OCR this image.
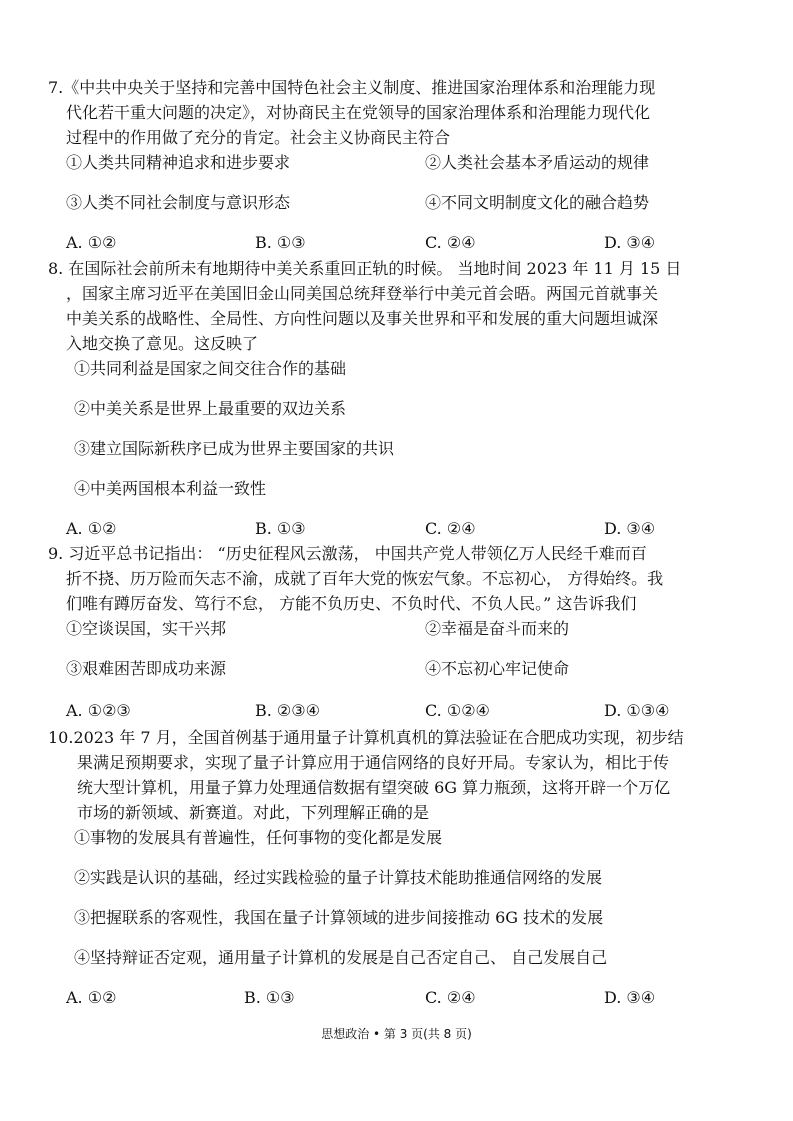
7.《中共中央关于坚持和完善中国特色社会主义制度、推进国家治理体系和治理能力现
代化若干重大问题的决定》，对协商民主在党领导的国家治理体系和治理能力现代化
过程中的作用做了充分的肯定。社会主义协商民主符合
①人类共同精神追求和进步要求	②人类社会基本矛盾运动的规律
③人类不同社会制度与意识形态	④不同文明制度文化的融合趋势
A. ①②	B. ①③	C. ②④	D. ③④
8. 在国际社会前所未有地期待中美关系重回正轨的时候。 当地时间 2023 年 11 月 15 日
，国家主席习近平在美国旧金山同美国总统拜登举行中美元首会晤。两国元首就事关
中美关系的战略性、全局性、方向性问题以及事关世界和平和发展的重大问题坦诚深
入地交换了意见。这反映了
①共同利益是国家之间交往合作的基础
②中美关系是世界上最重要的双边关系
③建立国际新秩序已成为世界主要国家的共识
④中美两国根本利益一致性
A. ①②	B. ①③	C. ②④	D. ③④
9. 习近平总书记指出： “历史征程风云激荡， 中国共产党人带领亿万人民经千难而百
折不挠、历万险而矢志不渝，成就了百年大党的恢宏气象。不忘初心， 方得始终。我
们唯有蹲厉奋发、笃行不怠， 方能不负历史、不负时代、不负人民。” 这告诉我们
①空谈误国，实干兴邦	②幸福是奋斗而来的
③艰难困苦即成功来源	④不忘初心牢记使命
A. ①②③	B. ②③④	C. ①②④	D. ①③④
10.2023 年 7 月，全国首例基于通用量子计算机真机的算法验证在合肥成功实现，初步结
果满足预期要求，实现了量子计算应用于通信网络的良好开局。专家认为，相比于传
统大型计算机，用量子算力处理通信数据有望突破 6G 算力瓶颈，这将开辟一个万亿
市场的新领域、新赛道。对此，下列理解正确的是
①事物的发展具有普遍性，任何事物的变化都是发展
②实践是认识的基础，经过实践检验的量子计算技术能助推通信网络的发展
③把握联系的客观性，我国在量子计算领域的进步间接推动 6G 技术的发展
④坚持辩证否定观，通用量子计算机的发展是自己否定自己、 自己发展自己
A. ①②	B. ①③	C. ②④	D. ③④
思想政治 • 第 3 页(共 8 页)
